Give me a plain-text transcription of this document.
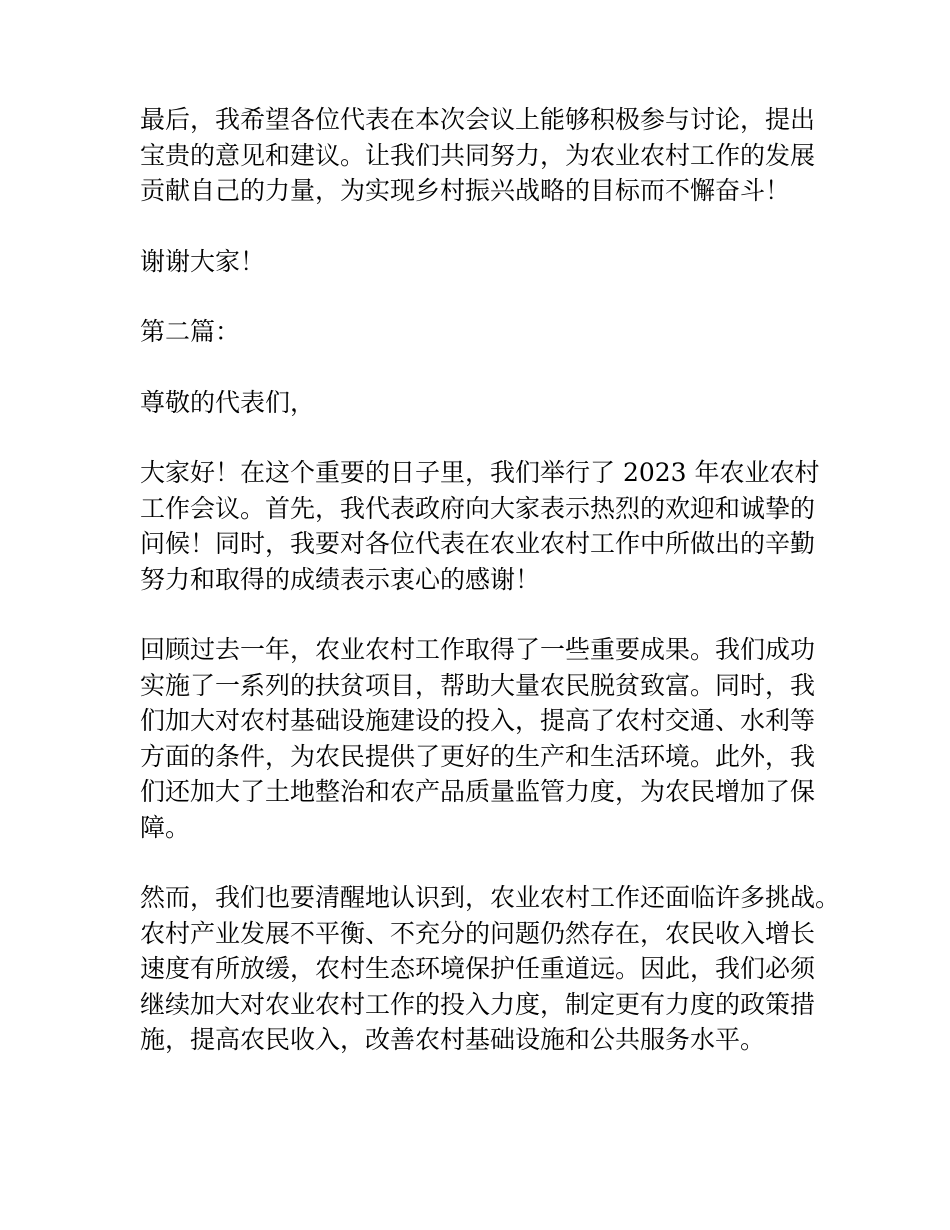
最后，我希望各位代表在本次会议上能够积极参与讨论，提出
宝贵的意见和建议。让我们共同努力，为农业农村工作的发展
贡献自己的力量，为实现乡村振兴战略的目标而不懈奋斗！

谢谢大家！

第二篇：

尊敬的代表们，

大家好！在这个重要的日子里，我们举行了 2023 年农业农村
工作会议。首先，我代表政府向大家表示热烈的欢迎和诚挚的
问候！同时，我要对各位代表在农业农村工作中所做出的辛勤
努力和取得的成绩表示衷心的感谢！

回顾过去一年，农业农村工作取得了一些重要成果。我们成功
实施了一系列的扶贫项目，帮助大量农民脱贫致富。同时，我
们加大对农村基础设施建设的投入，提高了农村交通、水利等
方面的条件，为农民提供了更好的生产和生活环境。此外，我
们还加大了土地整治和农产品质量监管力度，为农民增加了保
障。

然而，我们也要清醒地认识到，农业农村工作还面临许多挑战。
农村产业发展不平衡、不充分的问题仍然存在，农民收入增长
速度有所放缓，农村生态环境保护任重道远。因此，我们必须
继续加大对农业农村工作的投入力度，制定更有力度的政策措
施，提高农民收入，改善农村基础设施和公共服务水平。
